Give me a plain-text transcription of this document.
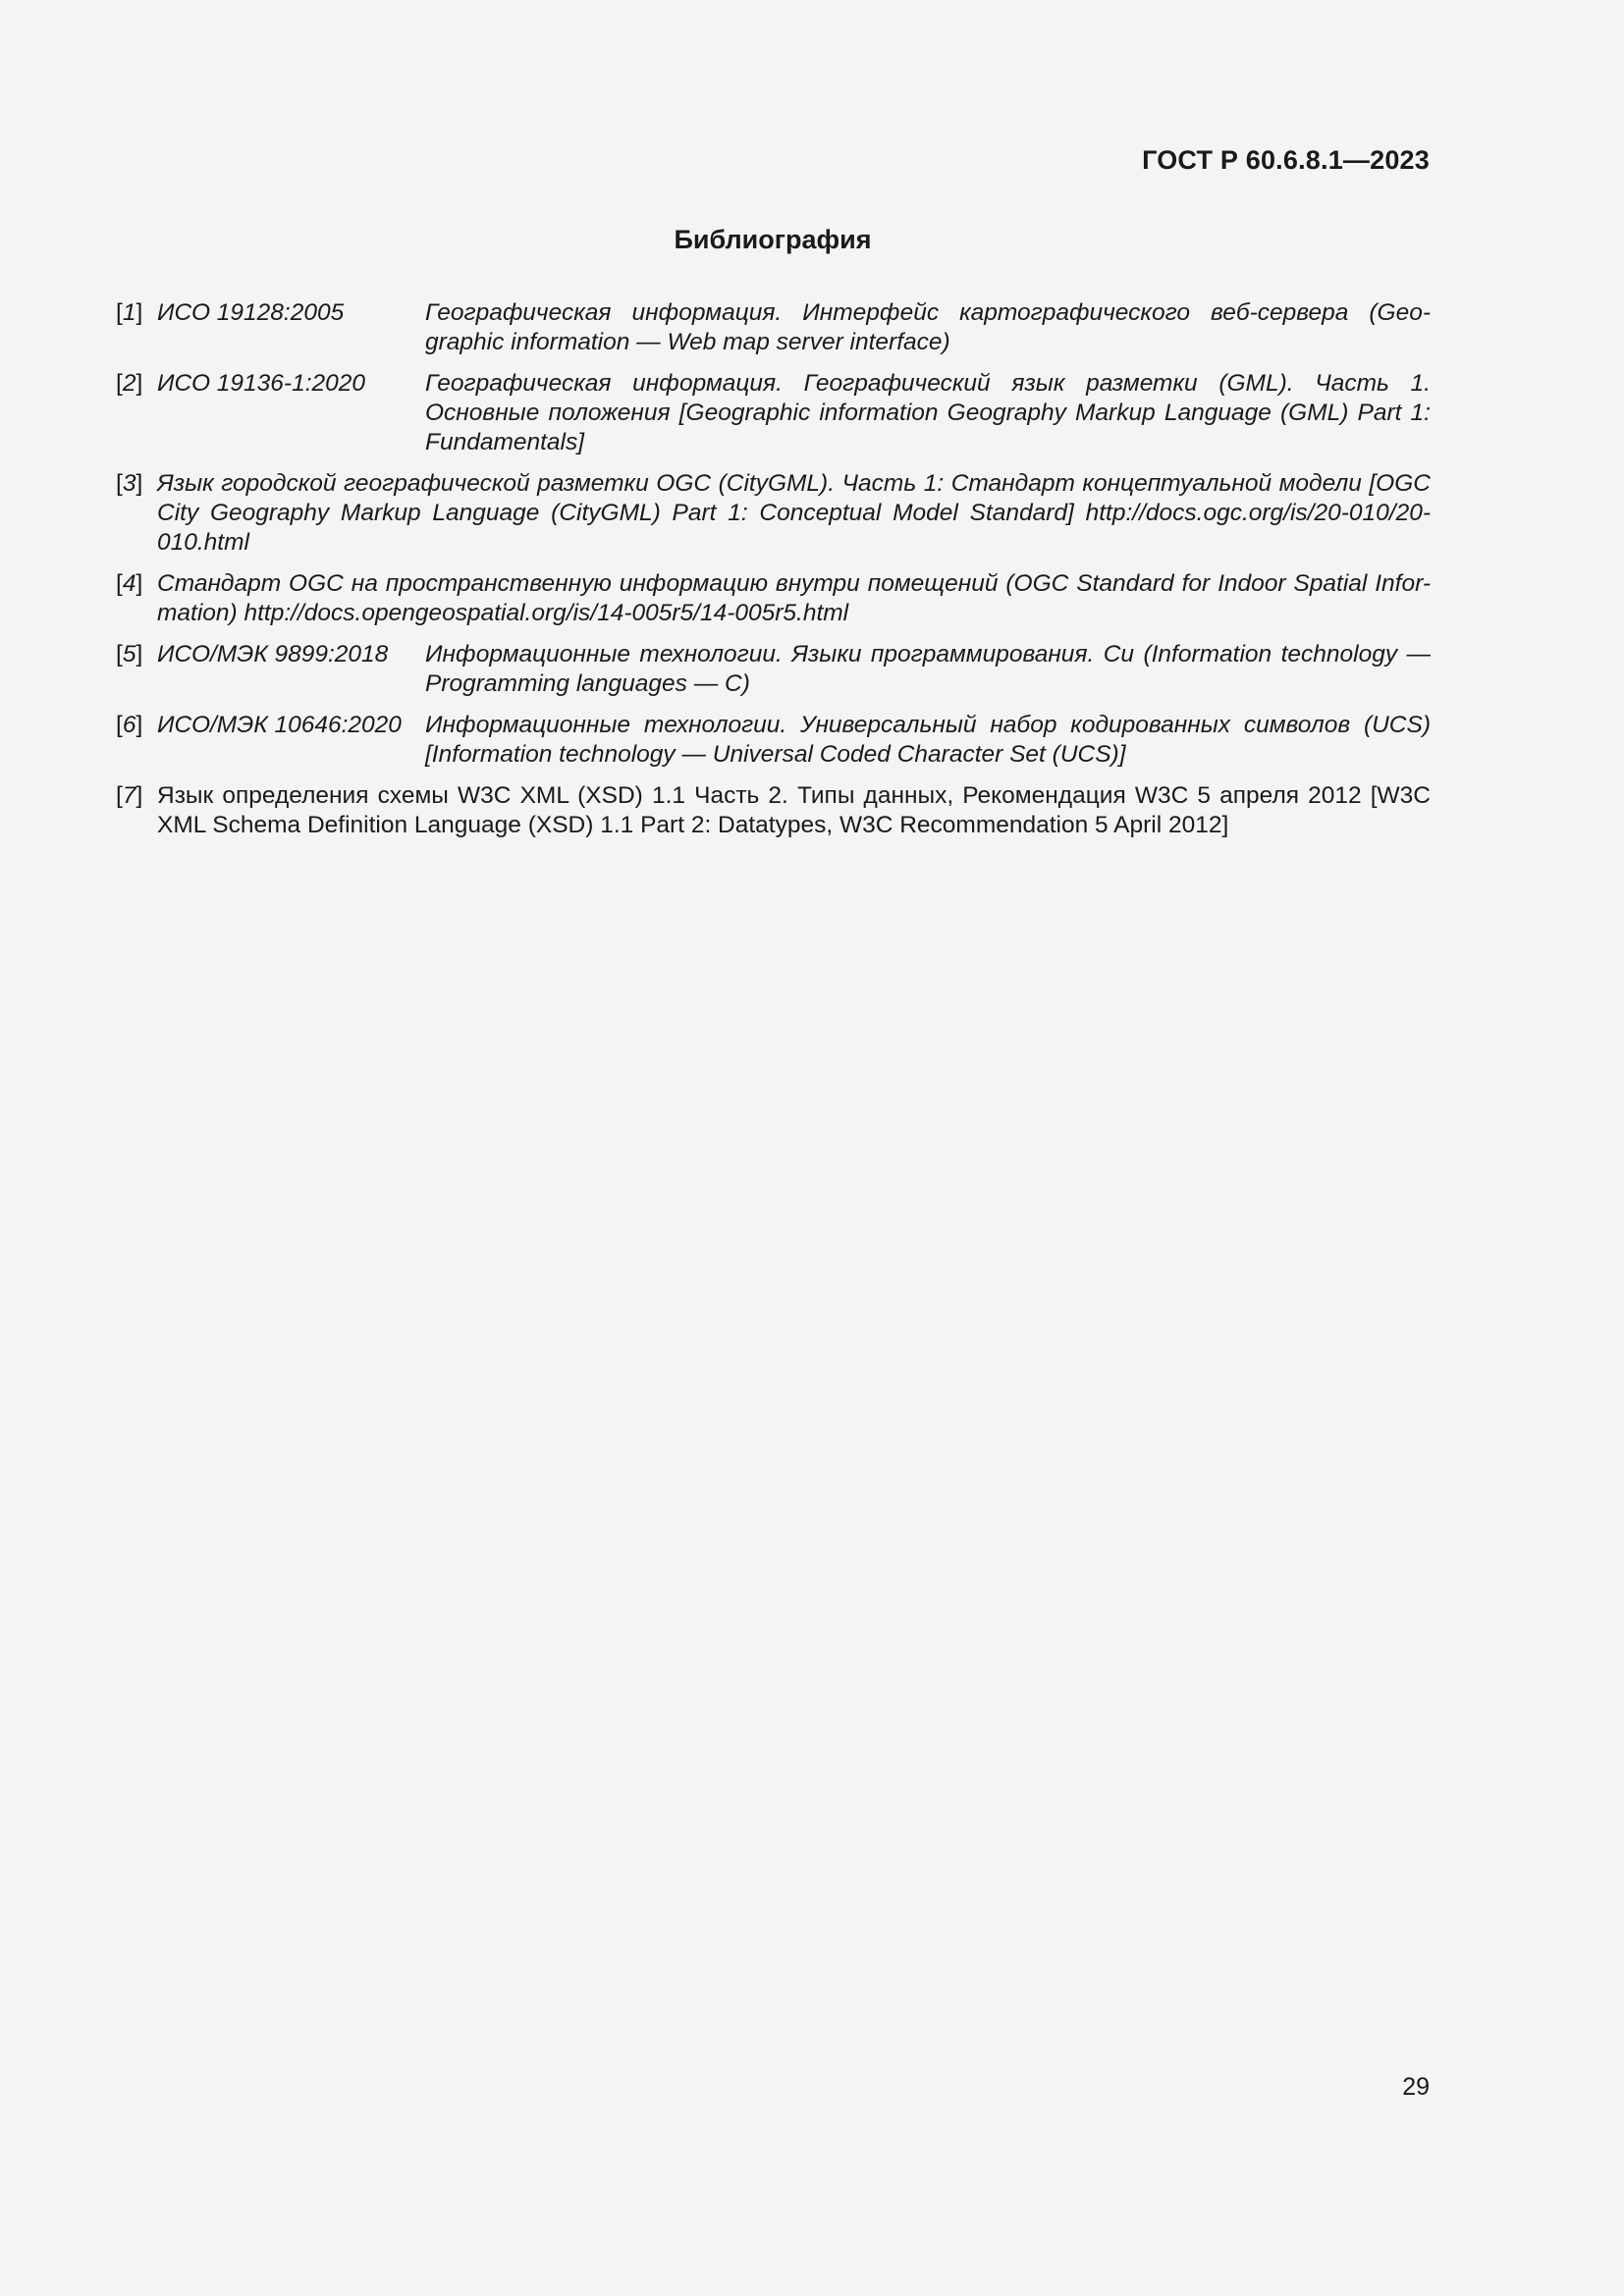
ГОСТ Р 60.6.8.1—2023

Библиография
[1] ИСО 19128:2005	Географическая информация. Интерфейс картографического веб-сервера (Geo-graphic information — Web map server interface)
[2] ИСО 19136-1:2020	Географическая информация. Географический язык разметки (GML). Часть 1. Основные положения [Geographic information Geography Markup Language (GML) Part 1: Fundamentals]
[3] Язык городской географической разметки OGC (CityGML). Часть 1: Стандарт концептуальной модели [OGC City Geography Markup Language (CityGML) Part 1: Conceptual Model Standard] http://docs.ogc.org/is/20-010/20-010.html
[4] Стандарт OGC на пространственную информацию внутри помещений (OGC Standard for Indoor Spatial Infor-mation) http://docs.opengeospatial.org/is/14-005r5/14-005r5.html
[5] ИСО/МЭК 9899:2018	Информационные технологии. Языки программирования. Си (Information technology — Programming languages — C)
[6] ИСО/МЭК 10646:2020 Информационные технологии. Универсальный набор кодированных символов (UCS) [Information technology — Universal Coded Character Set (UCS)]
[7] Язык определения схемы W3C XML (XSD) 1.1 Часть 2. Типы данных, Рекомендация W3C 5 апреля 2012 [W3C XML Schema Definition Language (XSD) 1.1 Part 2: Datatypes, W3C Recommendation 5 April 2012]

29
